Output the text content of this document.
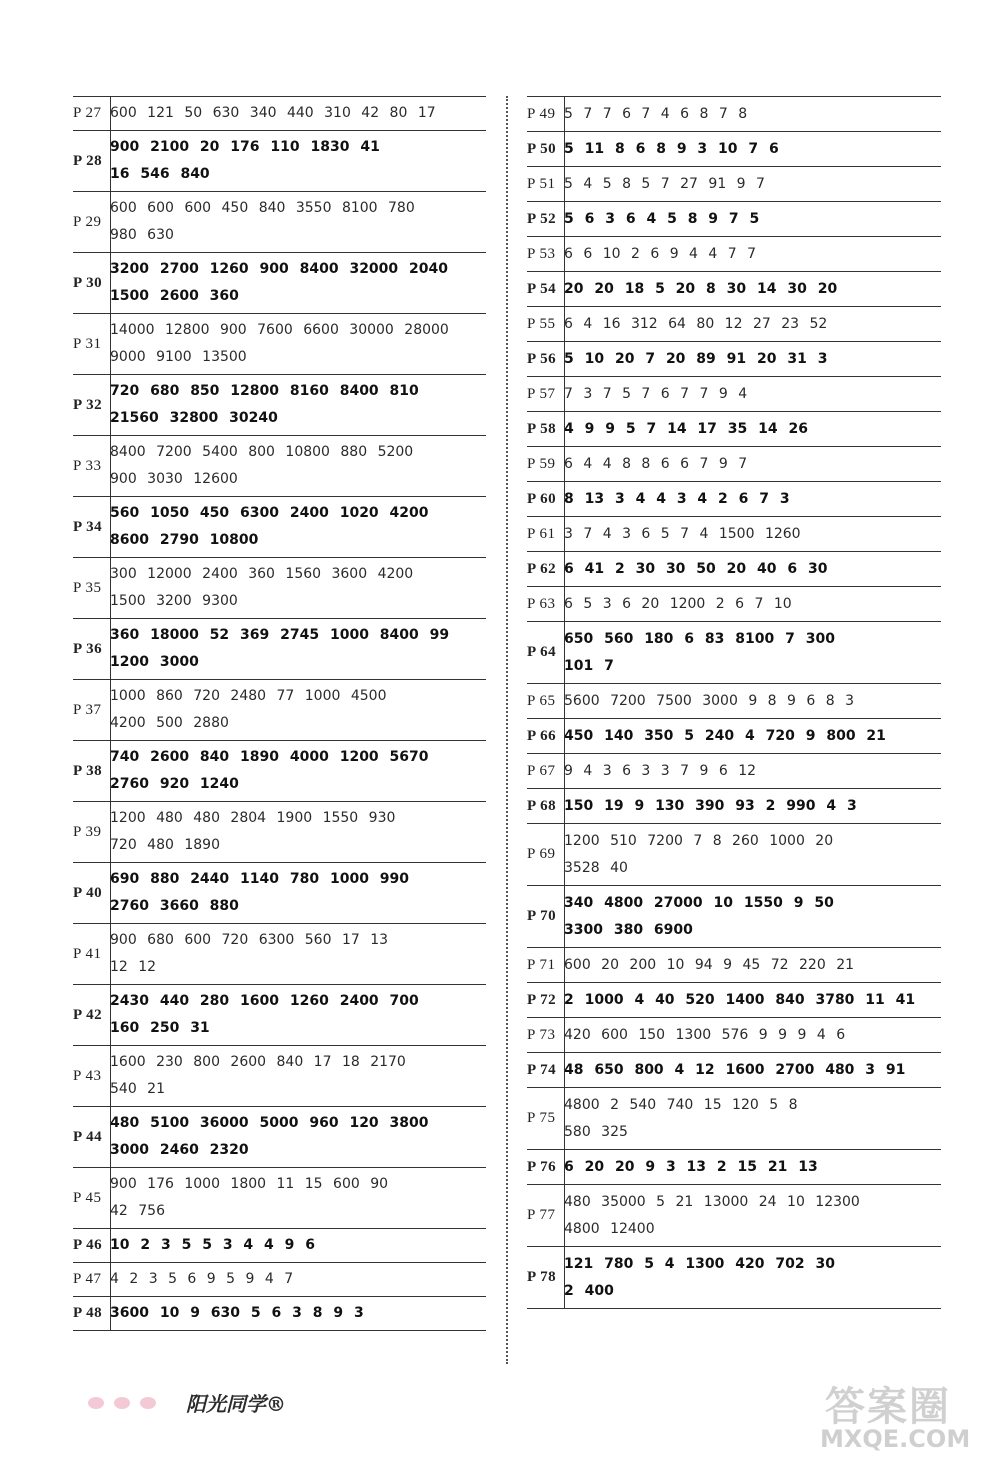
P 27	600 121 50 630 340 440 310 42 80 17

P 28	900 2100 20 176 110 1830 41
16 546 840

P 29	600 600 600 450 840 3550 8100 780
980 630

P 30	3200 2700 1260 900 8400 32000 2040
1500 2600 360

P 31	14000 12800 900 7600 6600 30000 28000
9000 9100 13500

P 32	720 680 850 12800 8160 8400 810
21560 32800 30240

P 33	8400 7200 5400 800 10800 880 5200
900 3030 12600

P 34	560 1050 450 6300 2400 1020 4200
8600 2790 10800

P 35	300 12000 2400 360 1560 3600 4200
1500 3200 9300

P 36	360 18000 52 369 2745 1000 8400 99
1200 3000

P 37	1000 860 720 2480 77 1000 4500
4200 500 2880

P 38	740 2600 840 1890 4000 1200 5670
2760 920 1240

P 39	1200 480 480 2804 1900 1550 930
720 480 1890

P 40	690 880 2440 1140 780 1000 990
2760 3660 880

P 41	900 680 600 720 6300 560 17 13
12 12

P 42	2430 440 280 1600 1260 2400 700
160 250 31

P 43	1600 230 800 2600 840 17 18 2170
540 21

P 44	480 5100 36000 5000 960 120 3800
3000 2460 2320

P 45	900 176 1000 1800 11 15 600 90
42 756

P 46	10 2 3 5 5 3 4 4 9 6

P 47	4 2 3 5 6 9 5 9 4 7

P 48	3600 10 9 630 5 6 3 8 9 3
P 49	5 7 7 6 7 4 6 8 7 8

P 50	5 11 8 6 8 9 3 10 7 6

P 51	5 4 5 8 5 7 27 91 9 7

P 52	5 6 3 6 4 5 8 9 7 5

P 53	6 6 10 2 6 9 4 4 7 7

P 54	20 20 18 5 20 8 30 14 30 20

P 55	6 4 16 312 64 80 12 27 23 52

P 56	5 10 20 7 20 89 91 20 31 3

P 57	7 3 7 5 7 6 7 7 9 4

P 58	4 9 9 5 7 14 17 35 14 26

P 59	6 4 4 8 8 6 6 7 9 7

P 60	8 13 3 4 4 3 4 2 6 7 3

P 61	3 7 4 3 6 5 7 4 1500 1260

P 62	6 41 2 30 30 50 20 40 6 30

P 63	6 5 3 6 20 1200 2 6 7 10

P 64	650 560 180 6 83 8100 7 300
101 7

P 65	5600 7200 7500 3000 9 8 9 6 8 3

P 66	450 140 350 5 240 4 720 9 800 21

P 67	9 4 3 6 3 3 7 9 6 12

P 68	150 19 9 130 390 93 2 990 4 3

P 69	1200 510 7200 7 8 260 1000 20
3528 40

P 70	340 4800 27000 10 1550 9 50
3300 380 6900

P 71	600 20 200 10 94 9 45 72 220 21

P 72	2 1000 4 40 520 1400 840 3780 11 41

P 73	420 600 150 1300 576 9 9 9 4 6

P 74	48 650 800 4 12 1600 2700 480 3 91

P 75	4800 2 540 740 15 120 5 8
580 325

P 76	6 20 20 9 3 13 2 15 21 13

P 77	480 35000 5 21 13000 24 10 12300
4800 12400

P 78	121 780 5 4 1300 420 702 30
2 400
阳光同学®	答案圈
MXQE.COM
